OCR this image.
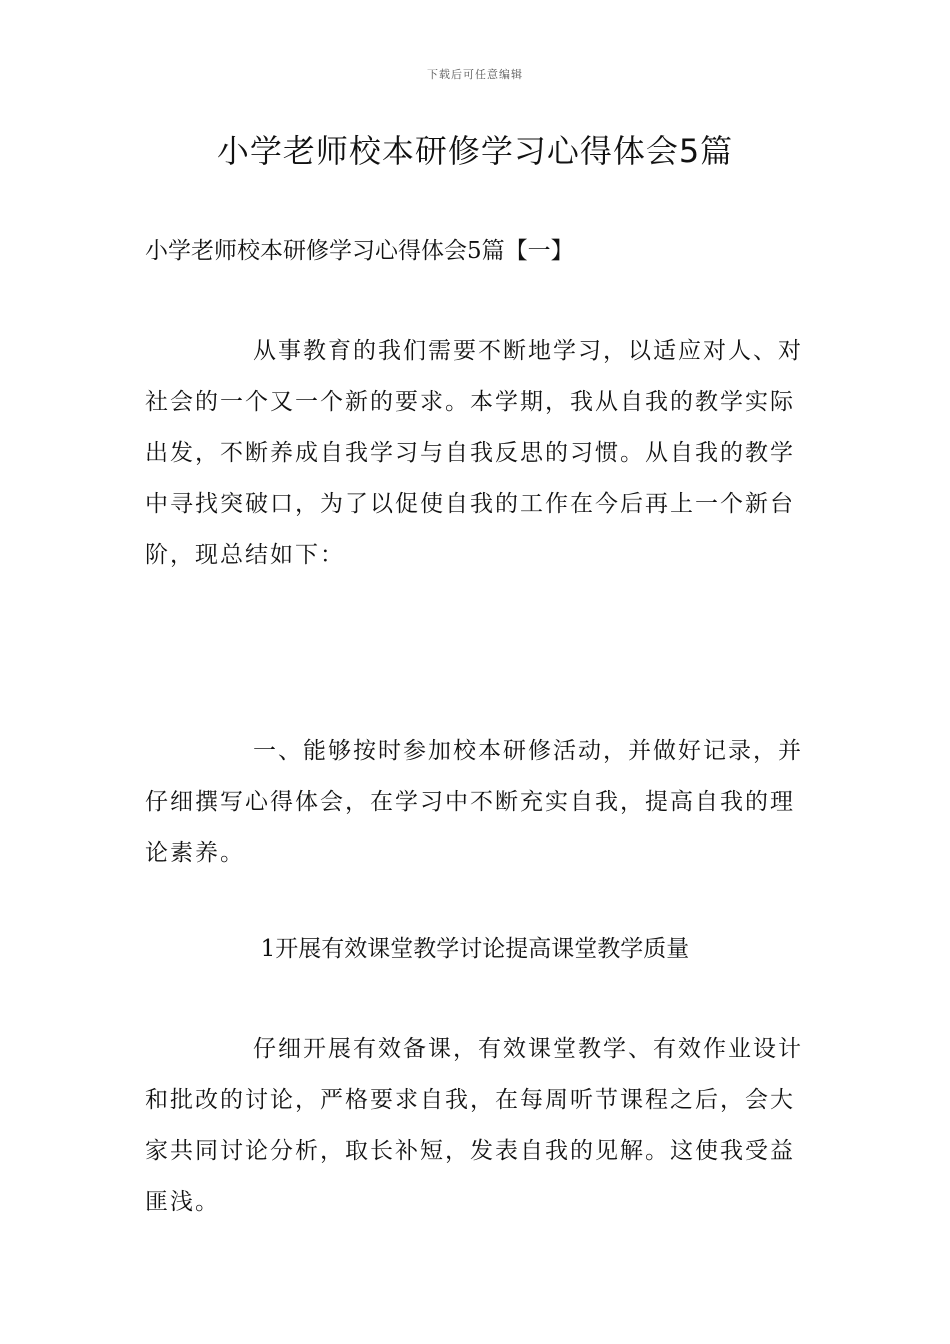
下载后可任意编辑
小学老师校本研修学习心得体会5篇
小学老师校本研修学习心得体会5篇【一】

从事教育的我们需要不断地学习，以适应对人、对社会的一个又一个新的要求。本学期，我从自我的教学实际出发，不断养成自我学习与自我反思的习惯。从自我的教学中寻找突破口，为了以促使自我的工作在今后再上一个新台阶，现总结如下：

一、能够按时参加校本研修活动，并做好记录，并仔细撰写心得体会，在学习中不断充实自我，提高自我的理论素养。

1开展有效课堂教学讨论提高课堂教学质量

仔细开展有效备课，有效课堂教学、有效作业设计和批改的讨论，严格要求自我，在每周听节课程之后，会大家共同讨论分析，取长补短，发表自我的见解。这使我受益匪浅。
